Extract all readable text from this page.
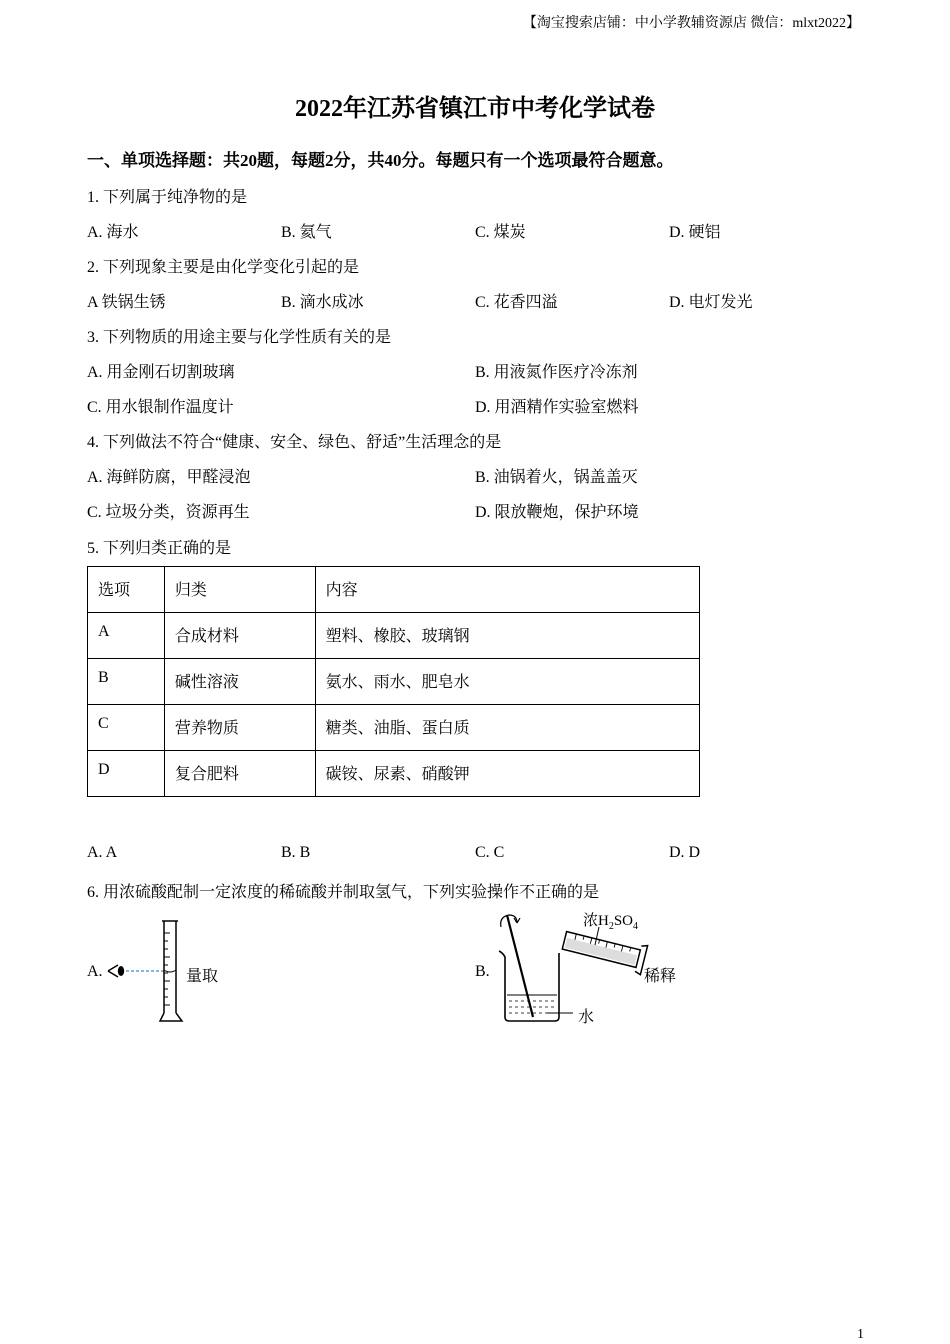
【淘宝搜索店铺：中小学教辅资源店 微信：mlxt2022】
2022年江苏省镇江市中考化学试卷
一、单项选择题：共20题，每题2分，共40分。每题只有一个选项最符合题意。
1. 下列属于纯净物的是
A. 海水	B. 氦气	C. 煤炭	D. 硬铝
2. 下列现象主要是由化学变化引起的是
A 铁锅生锈	B. 滴水成冰	C. 花香四溢	D. 电灯发光
3. 下列物质的用途主要与化学性质有关的是
A. 用金刚石切割玻璃	B. 用液氮作医疗冷冻剂
C. 用水银制作温度计	D. 用酒精作实验室燃料
4. 下列做法不符合“健康、安全、绿色、舒适”生活理念的是
A. 海鲜防腐，甲醛浸泡	B. 油锅着火，锅盖盖灭
C. 垃圾分类，资源再生	D. 限放鞭炮，保护环境
5. 下列归类正确的是
选项	归类	内容
A	合成材料	塑料、橡胶、玻璃钢
B	碱性溶液	氨水、雨水、肥皂水
C	营养物质	糖类、油脂、蛋白质
D	复合肥料	碳铵、尿素、硝酸钾
A. A	B. B	C. C	D. D
6. 用浓硫酸配制一定浓度的稀硫酸并制取氢气，下列实验操作不正确的是
A.	量取	B.
浓$H_2SO_4$
稀释
水
1
